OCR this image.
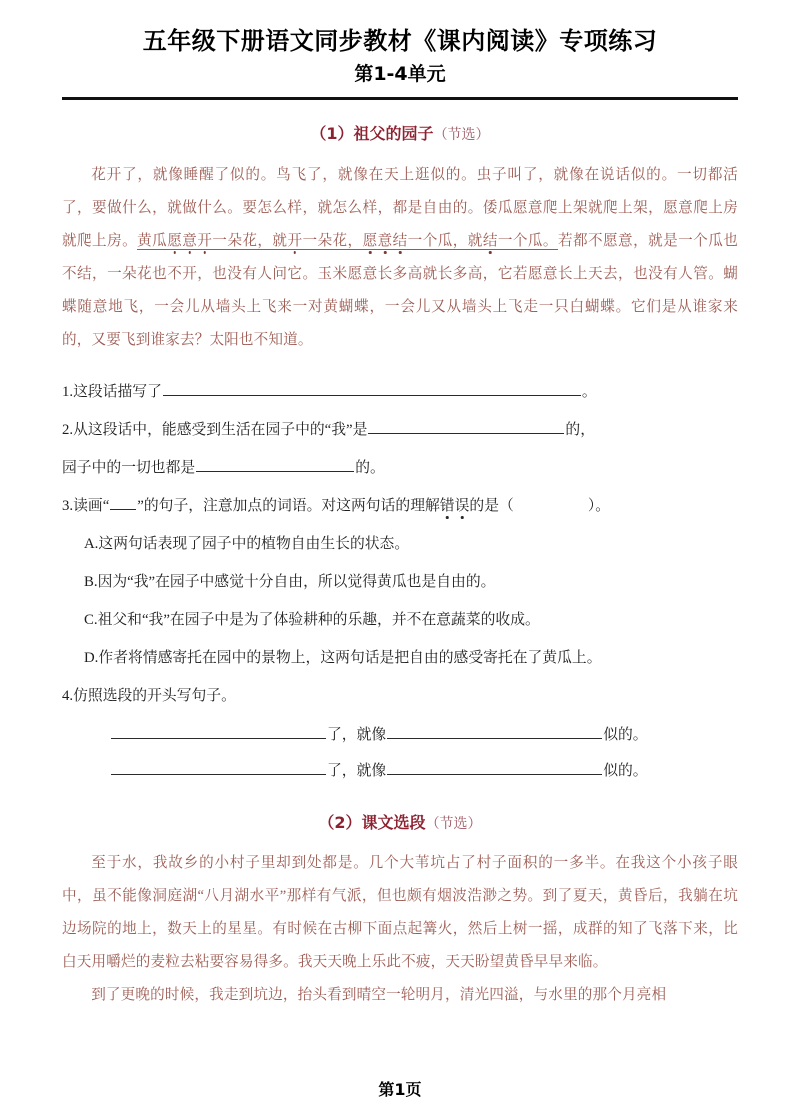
五年级下册语文同步教材《课内阅读》专项练习
第1-4单元
（1）祖父的园子（节选）

花开了，就像睡醒了似的。鸟飞了，就像在天上逛似的。虫子叫了，就像在说话似的。一切都活了，要做什么，就做什么。要怎么样，就怎么样，都是自由的。倭瓜愿意爬上架就爬上架，愿意爬上房就爬上房。黄瓜愿意开一朵花，就开一朵花，愿意结一个瓜，就结一个瓜。若都不愿意，就是一个瓜也不结，一朵花也不开，也没有人问它。玉米愿意长多高就长多高，它若愿意长上天去，也没有人管。蝴蝶随意地飞，一会儿从墙头上飞来一对黄蝴蝶，一会儿又从墙头上飞走一只白蝴蝶。它们是从谁家来的，又要飞到谁家去？太阳也不知道。

1.这段话描写了	。
2.从这段话中，能感受到生活在园子中的“我”是	的，
园子中的一切也都是	的。
3.读画“ ”的句子，注意加点的词语。对这两句话的理解错误的是（	）。
A.这两句话表现了园子中的植物自由生长的状态。
B.因为“我”在园子中感觉十分自由，所以觉得黄瓜也是自由的。
C.祖父和“我”在园子中是为了体验耕种的乐趣，并不在意蔬菜的收成。
D.作者将情感寄托在园中的景物上，这两句话是把自由的感受寄托在了黄瓜上。
4.仿照选段的开头写句子。
了，就像	似的。
了，就像	似的。
（2）课文选段（节选）

至于水，我故乡的小村子里却到处都是。几个大苇坑占了村子面积的一多半。在我这个小孩子眼中，虽不能像洞庭湖“八月湖水平”那样有气派，但也颇有烟波浩渺之势。到了夏天，黄昏后，我躺在坑边场院的地上，数天上的星星。有时候在古柳下面点起篝火，然后上树一摇，成群的知了飞落下来，比白天用嚼烂的麦粒去粘要容易得多。我天天晚上乐此不疲，天天盼望黄昏早早来临。

到了更晚的时候，我走到坑边，抬头看到晴空一轮明月，清光四溢，与水里的那个月亮相

第1页
